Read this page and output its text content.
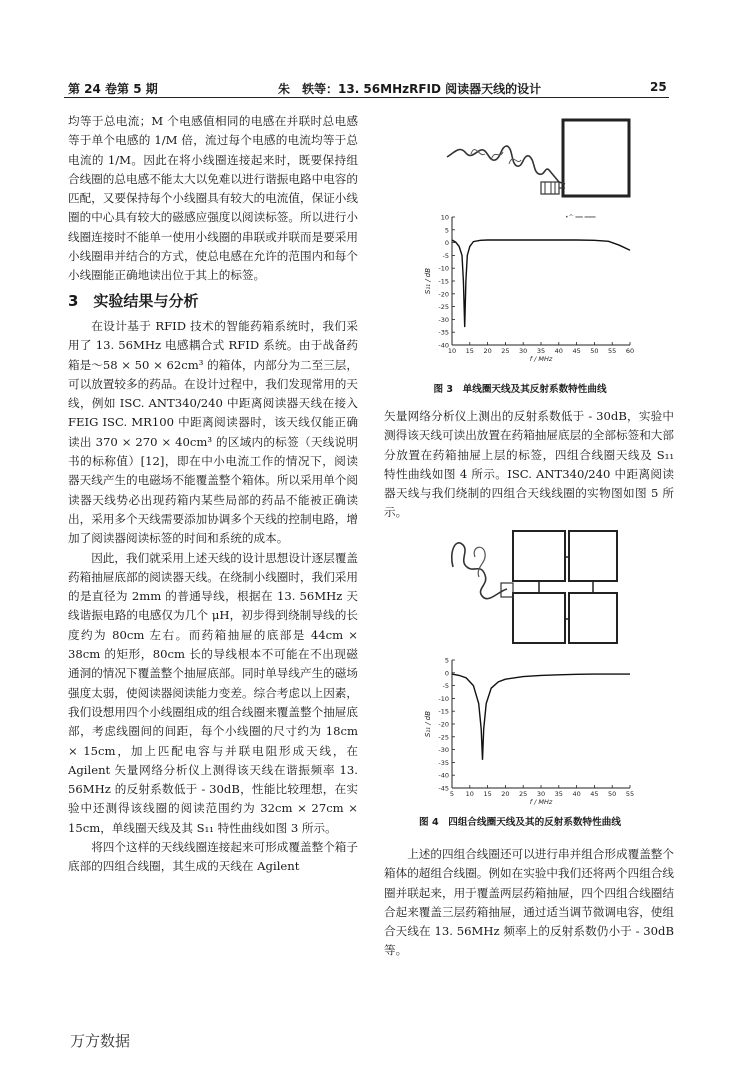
第 24 卷第 5 期	朱　轶等：13. 56MHzRFID 阅读器天线的设计	25

均等于总电流；M 个电感值相同的电感在并联时总电感等于单个电感的 1/M 倍，流过每个电感的电流均等于总电流的 1/M。因此在将小线圈连接起来时，既要保持组合线圈的总电感不能太大以免难以进行谐振电路中电容的匹配，又要保持每个小线圈具有较大的电流值，保证小线圈的中心具有较大的磁感应强度以阅读标签。所以进行小线圈连接时不能单一使用小线圈的串联或并联而是要采用小线圈串并结合的方式，使总电感在允许的范围内和每个小线圈能正确地读出位于其上的标签。

3　实验结果与分析

在设计基于 RFID 技术的智能药箱系统时，我们采用了 13. 56MHz 电感耦合式 RFID 系统。由于战备药箱是～58 × 50 × 62cm³ 的箱体，内部分为二至三层，可以放置较多的药品。在设计过程中，我们发现常用的天线，例如 ISC. ANT340/240 中距离阅读器天线在接入 FEIG ISC. MR100 中距离阅读器时，该天线仅能正确读出 370 × 270 × 40cm³ 的区域内的标签（天线说明书的标称值）[12]，即在中小电流工作的情况下，阅读器天线产生的电磁场不能覆盖整个箱体。所以采用单个阅读器天线势必出现药箱内某些局部的药品不能被正确读出，采用多个天线需要添加协调多个天线的控制电路，增加了阅读器阅读标签的时间和系统的成本。

因此，我们就采用上述天线的设计思想设计逐层覆盖药箱抽屉底部的阅读器天线。在绕制小线圈时，我们采用的是直径为 2mm 的普通导线，根据在 13. 56MHz 天线谐振电路的电感仅为几个 μH，初步得到绕制导线的长度约为 80cm 左右。而药箱抽屉的底部是 44cm × 38cm 的矩形，80cm 长的导线根本不可能在不出现磁通洞的情况下覆盖整个抽屉底部。同时单导线产生的磁场强度太弱，使阅读器阅读能力变差。综合考虑以上因素，我们设想用四个小线圈组成的组合线圈来覆盖整个抽屉底部，考虑线圈间的间距，每个小线圈的尺寸约为 18cm × 15cm，加上匹配电容与并联电阻形成天线，在 Agilent 矢量网络分析仪上测得该天线在谐振频率 13. 56MHz 的反射系数低于 - 30dB，性能比较理想，在实验中还测得该线圈的阅读范围约为 32cm × 27cm × 15cm，单线圈天线及其 S₁₁ 特性曲线如图 3 所示。

将四个这样的天线线圈连接起来可形成覆盖整个箱子底部的四组合线圈，其生成的天线在 Agilent

•^ ━━ ━━━
10
5
0
-5
-10
-15
-20
-25
-30
-35
-40
10 15 20 25 30 35 40 45 50 55 60
f / MHz
S₁₁ / dB
图 3　单线圈天线及其反射系数特性曲线

矢量网络分析仪上测出的反射系数低于 - 30dB，实验中测得该天线可读出放置在药箱抽屉底层的全部标签和大部分放置在药箱抽屉上层的标签，四组合线圈天线及 S₁₁ 特性曲线如图 4 所示。ISC. ANT340/240 中距离阅读器天线与我们绕制的四组合天线线圈的实物图如图 5 所示。

5
0
-5
-10
-15
-20
-25
-30
-35
-40
-45
5 10 15 20 25 30 35 40 45 50 55
f / MHz
S₁₁ / dB
图 4　四组合线圈天线及其的反射系数特性曲线

上述的四组合线圈还可以进行串并组合形成覆盖整个箱体的超组合线圈。例如在实验中我们还将两个四组合线圈并联起来，用于覆盖两层药箱抽屉，四个四组合线圈结合起来覆盖三层药箱抽屉，通过适当调节微调电容，使组合天线在 13. 56MHz 频率上的反射系数仍小于 - 30dB 等。

万方数据
